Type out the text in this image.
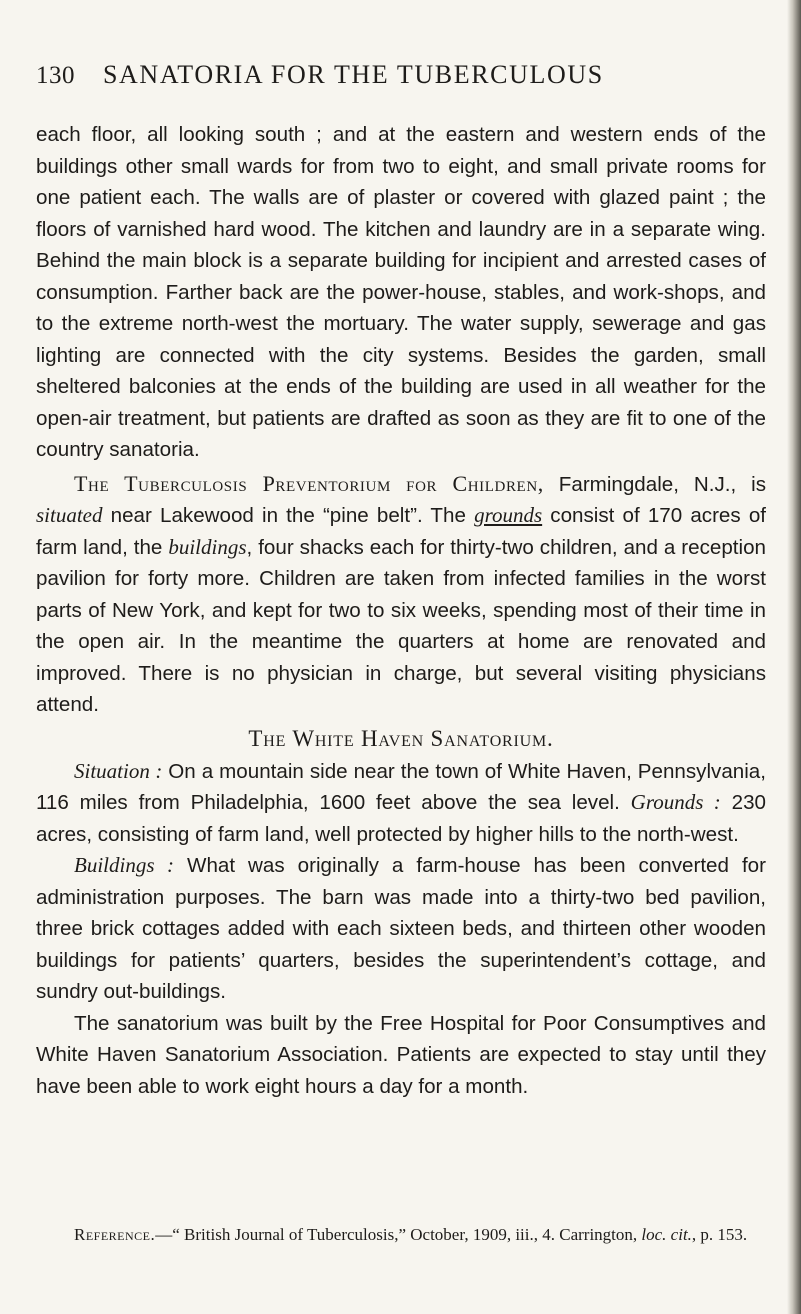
130 SANATORIA FOR THE TUBERCULOUS

each floor, all looking south ; and at the eastern and western ends of the buildings other small wards for from two to eight, and small private rooms for one patient each. The walls are of plaster or covered with glazed paint ; the floors of varnished hard wood. The kitchen and laundry are in a separate wing. Behind the main block is a separate building for incipient and arrested cases of consumption. Farther back are the power-house, stables, and work-shops, and to the extreme north-west the mortuary. The water supply, sewerage and gas lighting are connected with the city systems. Besides the garden, small sheltered balconies at the ends of the building are used in all weather for the open-air treatment, but patients are drafted as soon as they are fit to one of the country sanatoria.

The Tuberculosis Preventorium for Children, Farmingdale, N.J., is situated near Lakewood in the “pine belt”. The grounds consist of 170 acres of farm land, the buildings, four shacks each for thirty-two children, and a reception pavilion for forty more. Children are taken from infected families in the worst parts of New York, and kept for two to six weeks, spending most of their time in the open air. In the meantime the quarters at home are renovated and improved. There is no physician in charge, but several visiting physicians attend.

The White Haven Sanatorium.

Situation : On a mountain side near the town of White Haven, Pennsylvania, 116 miles from Philadelphia, 1600 feet above the sea level. Grounds : 230 acres, consisting of farm land, well protected by higher hills to the north-west.

Buildings : What was originally a farm-house has been converted for administration purposes. The barn was made into a thirty-two bed pavilion, three brick cottages added with each sixteen beds, and thirteen other wooden buildings for patients’ quarters, besides the superintendent’s cottage, and sundry out-buildings.

The sanatorium was built by the Free Hospital for Poor Consumptives and White Haven Sanatorium Association. Patients are expected to stay until they have been able to work eight hours a day for a month.

Reference.—“ British Journal of Tuberculosis,” October, 1909, iii., 4. Carrington, loc. cit., p. 153.
